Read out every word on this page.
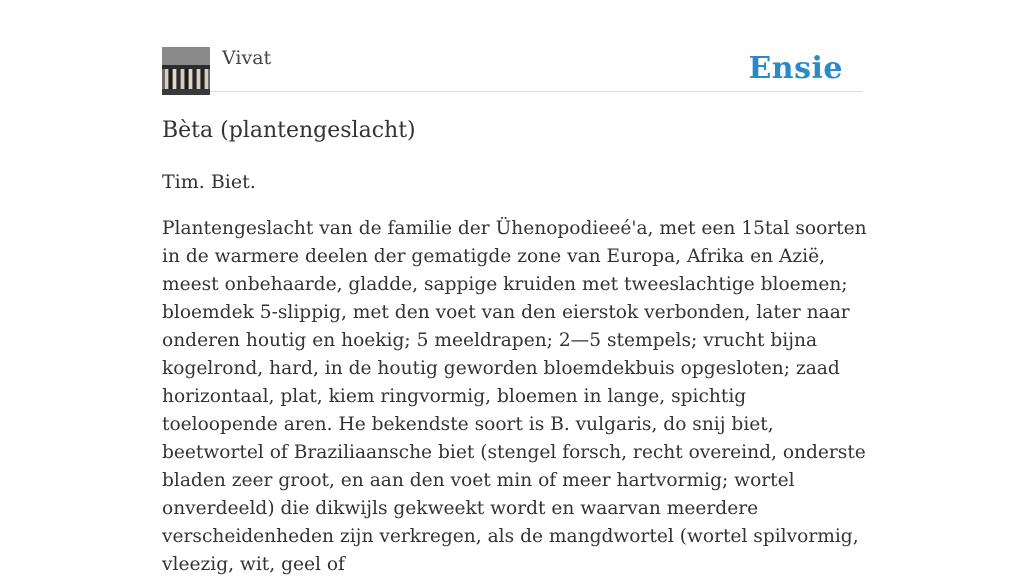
Vivat	Ensie
Bèta (plantengeslacht)

Tim. Biet.

Plantengeslacht van de familie der Ühenopodieeé'a, met een 15tal soorten in de warmere deelen der gematigde zone van Europa, Afrika en Azië, meest onbehaarde, gladde, sappige kruiden met tweeslachtige bloemen; bloemdek 5-slippig, met den voet van den eierstok verbonden, later naar onderen houtig en hoekig; 5 meeldrapen; 2—5 stempels; vrucht bijna kogelrond, hard, in de houtig geworden bloemdekbuis opgesloten; zaad horizontaal, plat, kiem ringvormig, bloemen in lange, spichtig toeloopende aren. He bekendste soort is B. vulgaris, do snij biet, beetwortel of Braziliaansche biet (stengel forsch, recht overeind, onderste bladen zeer groot, en aan den voet min of meer hartvormig; wortel onverdeeld) die dikwijls gekweekt wordt en waarvan meerdere verscheidenheden zijn verkregen, als de mangdwortel (wortel spilvormig, vleezig, wit, geel of
